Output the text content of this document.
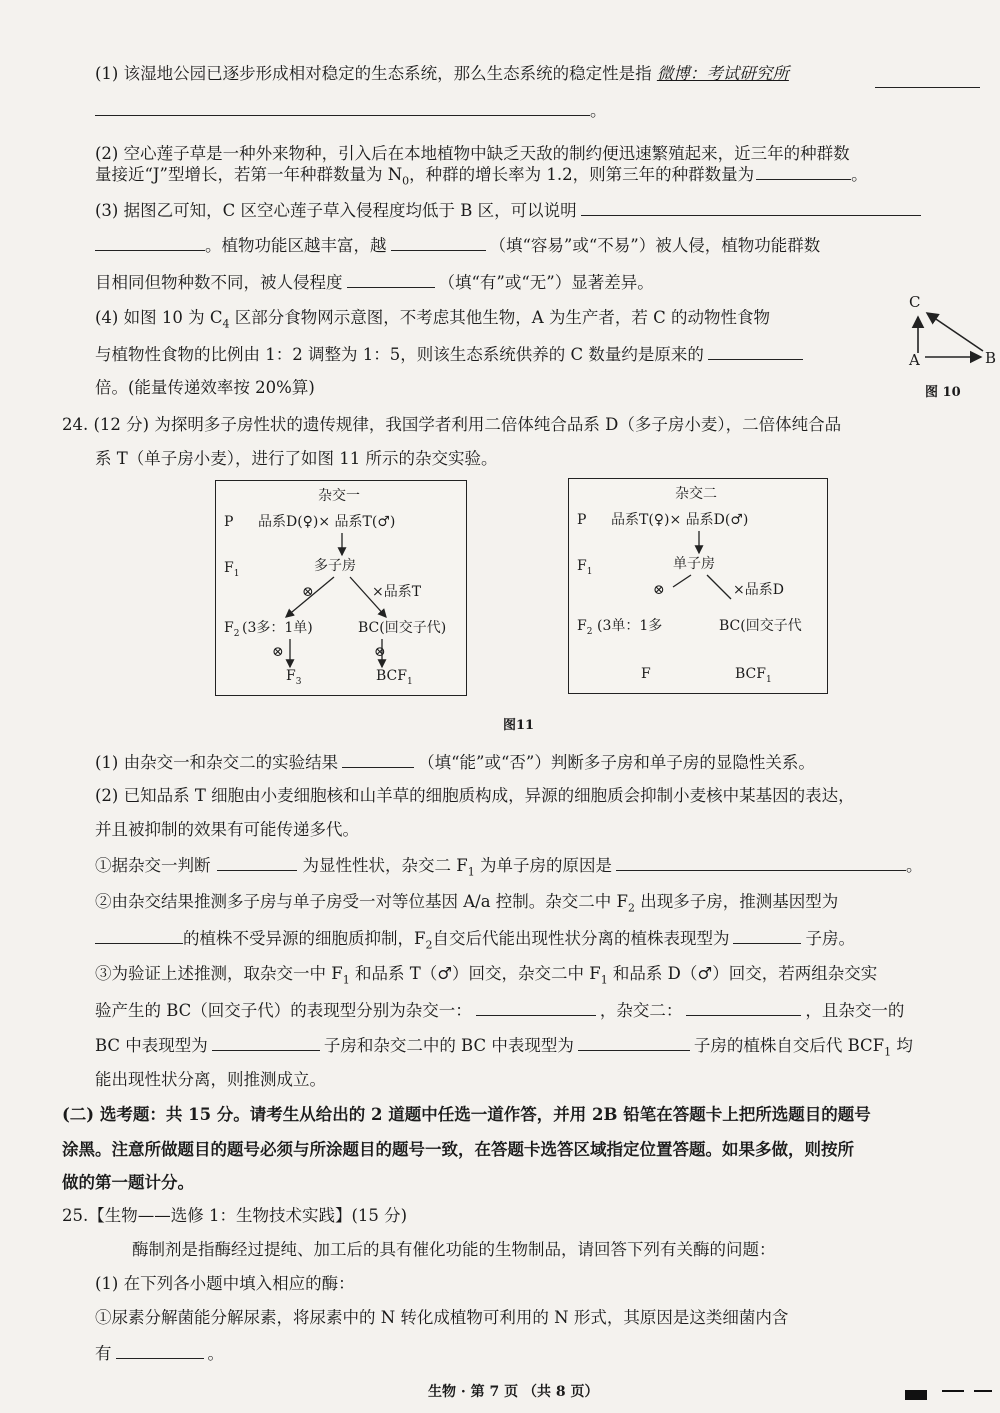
(1) 该湿地公园已逐步形成相对稳定的生态系统，那么生态系统的稳定性是指 微博：考试研究所
。
(2) 空心莲子草是一种外来物种，引入后在本地植物中缺乏天敌的制约便迅速繁殖起来，近三年的种群数
量接近“J”型增长，若第一年种群数量为 $N_0$，种群的增长率为 1.2，则第三年的种群数量为	。
(3) 据图乙可知，C 区空心莲子草入侵程度均低于 B 区，可以说明
。植物功能区越丰富，越	（填“容易”或“不易”）被人侵，植物功能群数
目相同但物种数不同，被人侵程度	（填“有”或“无”）显著差异。
(4) 如图 10 为 $C_4$ 区部分食物网示意图，不考虑其他生物，A 为生产者，若 C 的动物性食物
与植物性食物的比例由 1：2 调整为 1：5，则该生态系统供养的 C 数量约是原来的
倍。(能量传递效率按 20%算)
C
A	B
图 10
24. (12 分) 为探明多子房性状的遗传规律，我国学者利用二倍体纯合品系 D（多子房小麦），二倍体纯合品
系 T（单子房小麦），进行了如图 11 所示的杂交实验。
杂交一
P 品系D(♀)× 品系T(♂)
$F_1$	多子房
⊗	×品系T
$F_2$ (3多：1单)	BC(回交子代)
⊗	⊗
$F_3$	$BCF_1$
杂交二
P 品系T(♀)× 品系D(♂)
$F_1$	单子房
⊗	×品系D
$F_2$ (3单：1多	BC(回交子代
F	$BCF_1$
图11
(1) 由杂交一和杂交二的实验结果	（填“能”或“否”）判断多子房和单子房的显隐性关系。
(2) 已知品系 T 细胞由小麦细胞核和山羊草的细胞质构成，异源的细胞质会抑制小麦核中某基因的表达，
并且被抑制的效果有可能传递多代。
①据杂交一判断	为显性性状，杂交二 $F_1$ 为单子房的原因是	。
②由杂交结果推测多子房与单子房受一对等位基因 A/a 控制。杂交二中 $F_2$ 出现多子房，推测基因型为
的植株不受异源的细胞质抑制，$F_2$自交后代能出现性状分离的植株表现型为	子房。
③为验证上述推测，取杂交一中 $F_1$ 和品系 T（♂）回交，杂交二中 $F_1$ 和品系 D（♂）回交，若两组杂交实
验产生的 BC（回交子代）的表现型分别为杂交一：	，杂交二：	，且杂交一的
BC 中表现型为	子房和杂交二中的 BC 中表现型为	子房的植株自交后代 $BCF_1$ 均
能出现性状分离，则推测成立。
(二) 选考题：共 15 分。请考生从给出的 2 道题中任选一道作答，并用 2B 铅笔在答题卡上把所选题目的题号
涂黑。注意所做题目的题号必须与所涂题目的题号一致，在答题卡选答区域指定位置答题。如果多做，则按所
做的第一题计分。
25.【生物——选修 1：生物技术实践】(15 分)
酶制剂是指酶经过提纯、加工后的具有催化功能的生物制品，请回答下列有关酶的问题：
(1) 在下列各小题中填入相应的酶：
①尿素分解菌能分解尿素，将尿素中的 N 转化成植物可利用的 N 形式，其原因是这类细菌内含
有	。
生物 · 第 7 页 （共 8 页）
